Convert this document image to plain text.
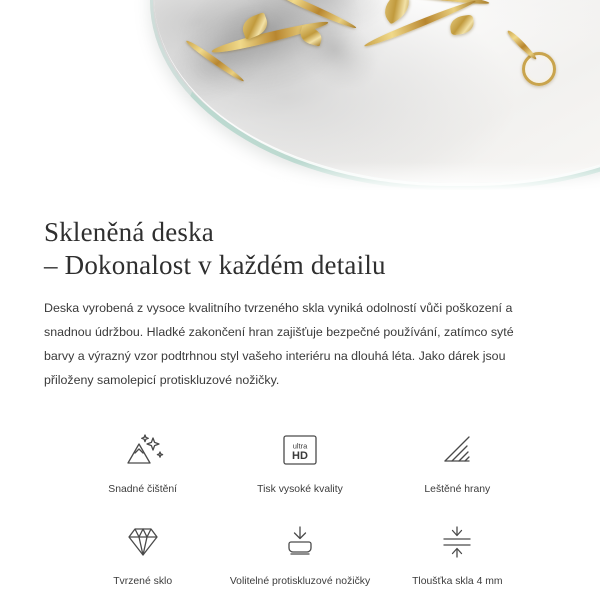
Skleněná deska
– Dokonalost v každém detailu

Deska vyrobená z vysoce kvalitního tvrzeného skla vyniká odolností vůči poškození a snadnou údržbou. Hladké zakončení hran zajišťuje bezpečné používání, zatímco syté barvy a výrazný vzor podtrhnou styl vašeho interiéru na dlouhá léta. Jako dárek jsou přiloženy samolepicí protiskluzové nožičky.

Snadné čištění
ultra
HD
Tisk vysoké kvality	Leštěné hrany
Tvrzené sklo	Volitelné protiskluzové nožičky	Tloušťka skla 4 mm
